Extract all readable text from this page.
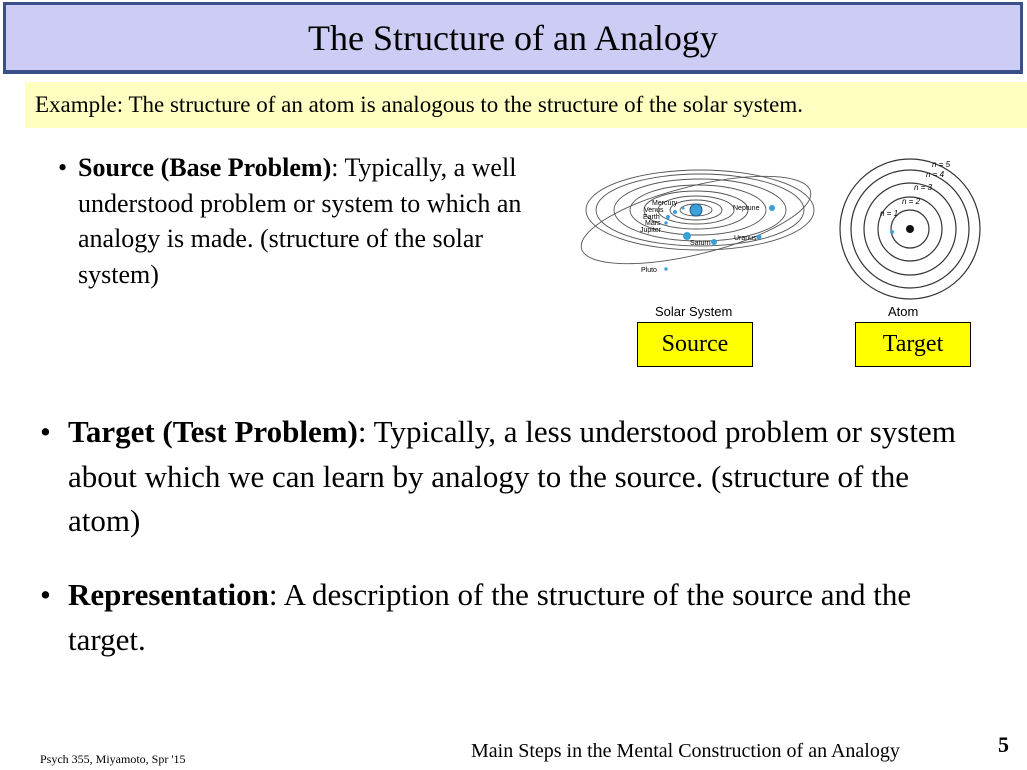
The Structure of an Analogy
Example: The structure of an atom is analogous to the structure of the solar system.
• Source (Base Problem): Typically, a well understood problem or system to which an analogy is made. (structure of the solar system)
Mercury
Venus
Earth
Mars
Jupiter
Saturn
Uranus
Neptune
Pluto
n = 5
n = 4
n = 3
n = 2
n = 1
Solar System	Atom
Source	Target
• Target (Test Problem): Typically, a less understood problem or system about which we can learn by analogy to the source. (structure of the atom)
• Representation: A description of the structure of the source and the target.
Psych 355, Miyamoto, Spr '15	Main Steps in the Mental Construction of an Analogy	5
